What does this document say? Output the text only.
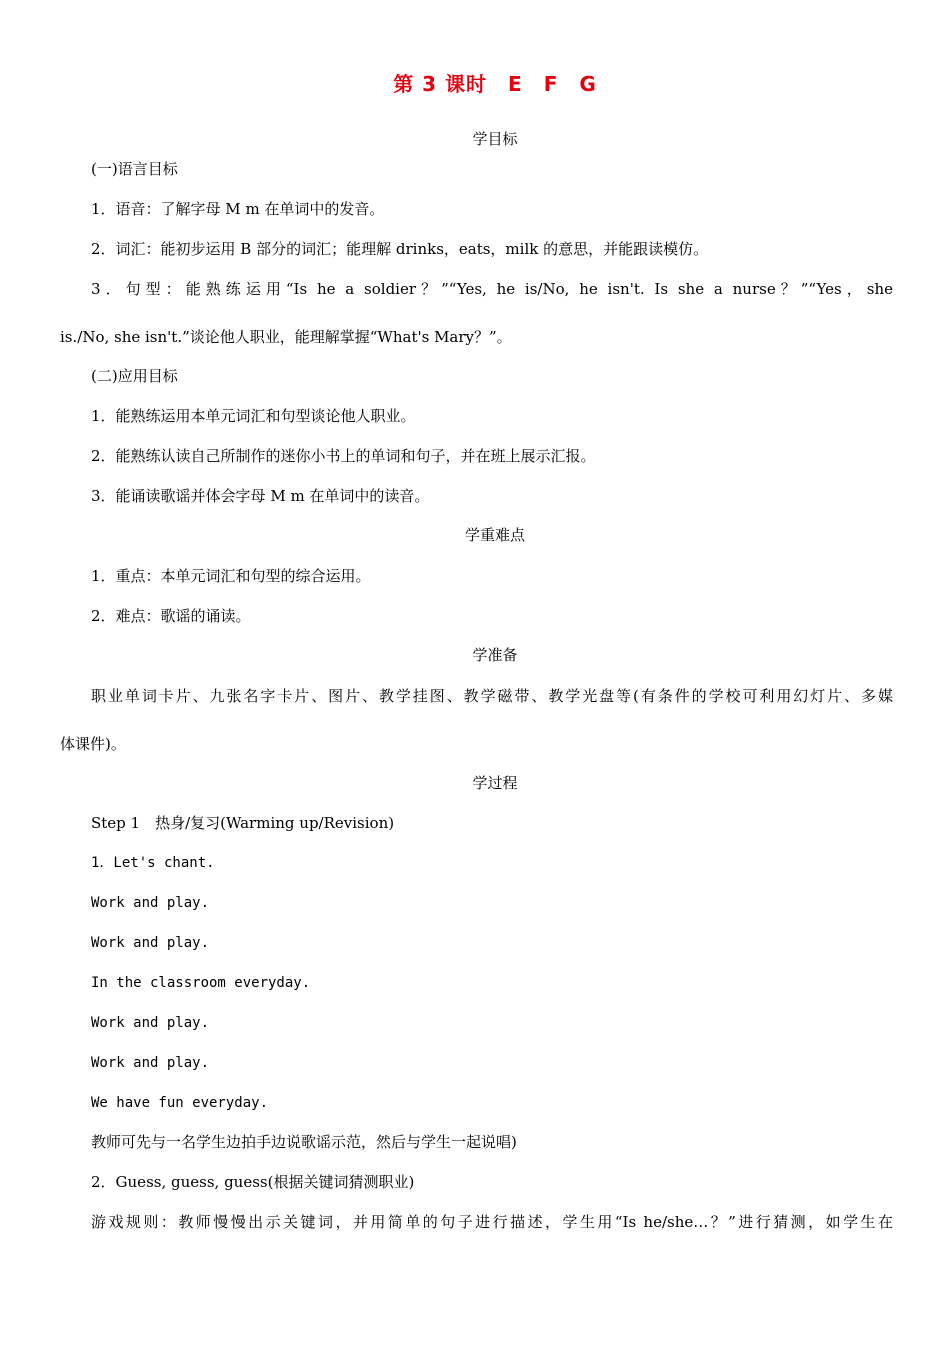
第 3 课时　E　F　G
学目标
(一)语言目标
1．语音：了解字母 M m 在单词中的发音。
2．词汇：能初步运用 B 部分的词汇；能理解 drinks，eats，milk 的意思，并能跟读模仿。
3．句型：能熟练运用“Is he a soldier？”“Yes, he is/No, he isn't. Is she a nurse？”“Yes，she
is./No, she isn't.”谈论他人职业，能理解掌握“What's Mary？”。
(二)应用目标
1．能熟练运用本单元词汇和句型谈论他人职业。
2．能熟练认读自己所制作的迷你小书上的单词和句子，并在班上展示汇报。
3．能诵读歌谣并体会字母 M m 在单词中的读音。
学重难点
1．重点：本单元词汇和句型的综合运用。
2．难点：歌谣的诵读。
学准备
职业单词卡片、九张名字卡片、图片、教学挂图、教学磁带、教学光盘等(有条件的学校可利用幻灯片、多媒
体课件)。
学过程
Step 1　热身/复习(Warming up/Revision)
1．Let's chant.
Work and play.
Work and play.
In the classroom everyday.
Work and play.
Work and play.
We have fun everyday.
教师可先与一名学生边拍手边说歌谣示范，然后与学生一起说唱)
2．Guess, guess, guess(根据关键词猜测职业)
游戏规则：教师慢慢出示关键词，并用简单的句子进行描述，学生用“Is he/she…？”进行猜测，如学生在
